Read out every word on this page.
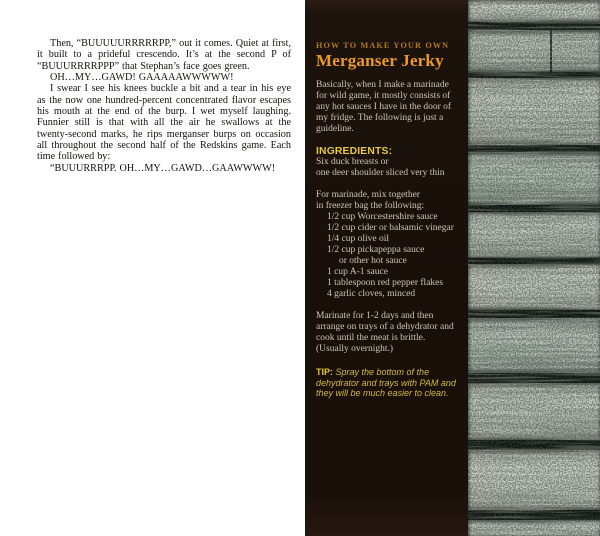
Then, “BUUUUURRRRRPP,” out it comes. Quiet at first, it built to a prideful crescendo. It’s at the second P of “BUUURRRRPPP” that Stephan’s face goes green.

OH…MY…GAWD! GAAAAAWWWWW!

I swear I see his knees buckle a bit and a tear in his eye as the now one hundred-percent concentrated flavor escapes his mouth at the end of the burp. I wet myself laughing. Funnier still is that with all the air he swallows at the twenty-second marks, he rips merganser burps on occasion all throughout the second half of the Redskins game. Each time followed by:

“BUUURRRPP. OH…MY…GAWD…GAAWWWW!

HOW TO MAKE YOUR OWN
Merganser Jerky
Basically, when I make a marinade for wild game, it mostly consists of any hot sauces I have in the door of my fridge. The following is just a guideline.
INGREDIENTS:
Six duck breasts or
one deer shoulder sliced very thin
For marinade, mix together
in freezer bag the following:
1/2 cup Worcestershire sauce
1/2 cup cider or balsamic vinegar
1/4 cup olive oil
1/2 cup pickapeppa sauce
or other hot sauce
1 cup A-1 sauce
1 tablespoon red pepper flakes
4 garlic cloves, minced
Marinate for 1-2 days and then arrange on trays of a dehydrator and cook until the meat is brittle. (Usually overnight.)
TIP: Spray the bottom of the dehydrator and trays with PAM and they will be much easier to clean.
